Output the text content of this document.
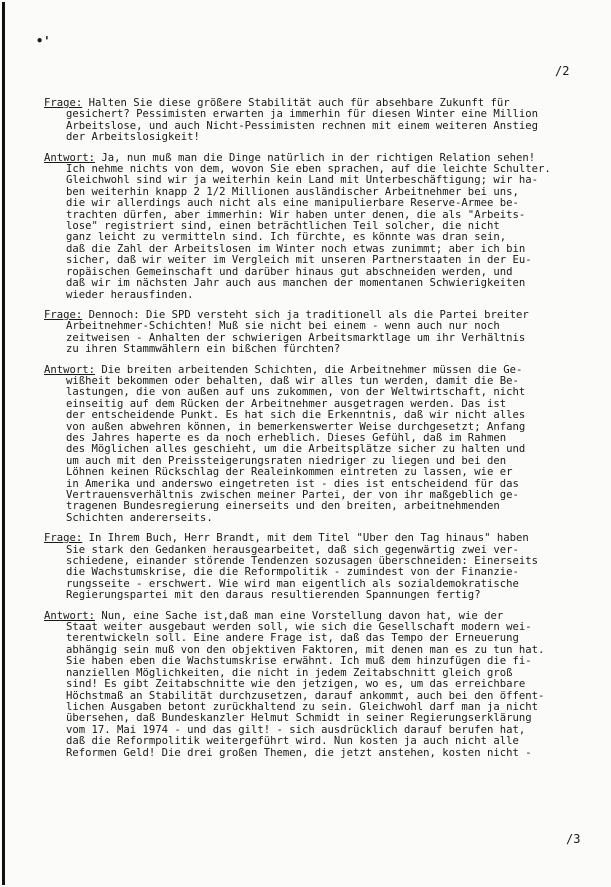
•'
/2
Frage: Halten Sie diese größere Stabilität auch für absehbare Zukunft für
gesichert? Pessimisten erwarten ja immerhin für diesen Winter eine Million
Arbeitslose, und auch Nicht-Pessimisten rechnen mit einem weiteren Anstieg
der Arbeitslosigkeit!
Antwort: Ja, nun muß man die Dinge natürlich in der richtigen Relation sehen!
Ich nehme nichts von dem, wovon Sie eben sprachen, auf die leichte Schulter.
Gleichwohl sind wir ja weiterhin kein Land mit Unterbeschäftigung; wir ha-
ben weiterhin knapp 2 1/2 Millionen ausländischer Arbeitnehmer bei uns,
die wir allerdings auch nicht als eine manipulierbare Reserve-Armee be-
trachten dürfen, aber immerhin: Wir haben unter denen, die als "Arbeits-
lose" registriert sind, einen beträchtlichen Teil solcher, die nicht
ganz leicht zu vermitteln sind. Ich fürchte, es könnte was dran sein,
daß die Zahl der Arbeitslosen im Winter noch etwas zunimmt; aber ich bin
sicher, daß wir weiter im Vergleich mit unseren Partnerstaaten in der Eu-
ropäischen Gemeinschaft und darüber hinaus gut abschneiden werden, und
daß wir im nächsten Jahr auch aus manchen der momentanen Schwierigkeiten
wieder herausfinden.
Frage: Dennoch: Die SPD versteht sich ja traditionell als die Partei breiter
Arbeitnehmer-Schichten! Muß sie nicht bei einem - wenn auch nur noch
zeitweisen - Anhalten der schwierigen Arbeitsmarktlage um ihr Verhältnis
zu ihren Stammwählern ein bißchen fürchten?
Antwort: Die breiten arbeitenden Schichten, die Arbeitnehmer müssen die Ge-
wißheit bekommen oder behalten, daß wir alles tun werden, damit die Be-
lastungen, die von außen auf uns zukommen, von der Weltwirtschaft, nicht
einseitig auf dem Rücken der Arbeitnehmer ausgetragen werden. Das ist
der entscheidende Punkt. Es hat sich die Erkenntnis, daß wir nicht alles
von außen abwehren können, in bemerkenswerter Weise durchgesetzt; Anfang
des Jahres haperte es da noch erheblich. Dieses Gefühl, daß im Rahmen
des Möglichen alles geschieht, um die Arbeitsplätze sicher zu halten und
um auch mit den Preissteigerungsraten niedriger zu liegen und bei den
Löhnen keinen Rückschlag der Realeinkommen eintreten zu lassen, wie er
in Amerika und anderswo eingetreten ist - dies ist entscheidend für das
Vertrauensverhältnis zwischen meiner Partei, der von ihr maßgeblich ge-
tragenen Bundesregierung einerseits und den breiten, arbeitnehmenden
Schichten andererseits.
Frage: In Ihrem Buch, Herr Brandt, mit dem Titel "Über den Tag hinaus" haben
Sie stark den Gedanken herausgearbeitet, daß sich gegenwärtig zwei ver-
schiedene, einander störende Tendenzen sozusagen überschneiden: Einerseits
die Wachstumskrise, die die Reformpolitik - zumindest von der Finanzie-
rungsseite - erschwert. Wie wird man eigentlich als sozialdemokratische
Regierungspartei mit den daraus resultierenden Spannungen fertig?
Antwort: Nun, eine Sache ist,daß man eine Vorstellung davon hat, wie der
Staat weiter ausgebaut werden soll, wie sich die Gesellschaft modern wei-
terentwickeln soll. Eine andere Frage ist, daß das Tempo der Erneuerung
abhängig sein muß von den objektiven Faktoren, mit denen man es zu tun hat.
Sie haben eben die Wachstumskrise erwähnt. Ich muß dem hinzufügen die fi-
nanziellen Möglichkeiten, die nicht in jedem Zeitabschnitt gleich groß
sind! Es gibt Zeitabschnitte wie den jetzigen, wo es, um das erreichbare
Höchstmaß an Stabilität durchzusetzen, darauf ankommt, auch bei den öffent-
lichen Ausgaben betont zurückhaltend zu sein. Gleichwohl darf man ja nicht
übersehen, daß Bundeskanzler Helmut Schmidt in seiner Regierungserklärung
vom 17. Mai 1974 - und das gilt! - sich ausdrücklich darauf berufen hat,
daß die Reformpolitik weitergeführt wird. Nun kosten ja auch nicht alle
Reformen Geld! Die drei großen Themen, die jetzt anstehen, kosten nicht -
/3
